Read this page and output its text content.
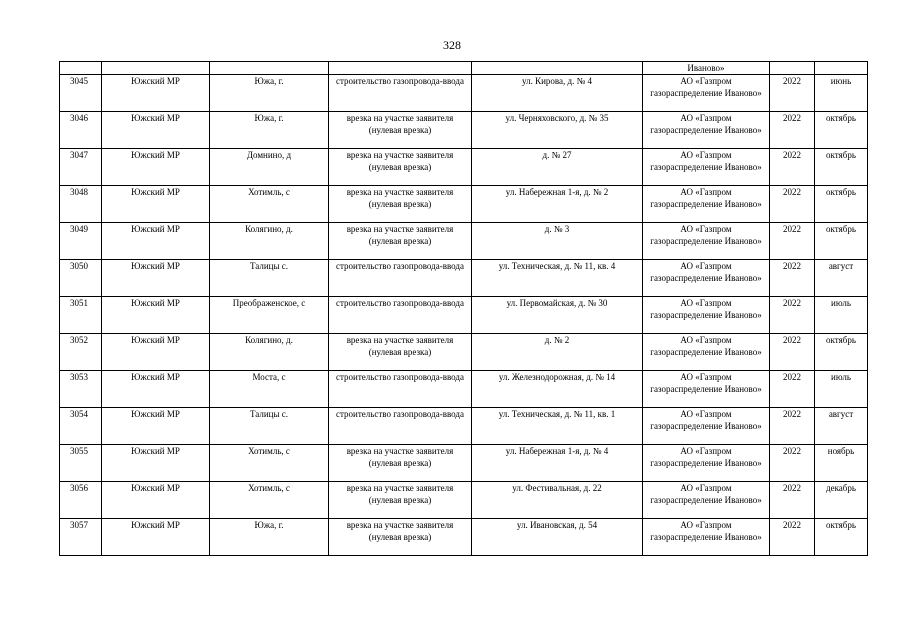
328
					Иваново»		
3045	Южский МР	Южа, г.	строительство газопровода-ввода	ул. Кирова, д. № 4	АО «Газпром газораспределение Иваново»	2022	июнь
3046	Южский МР	Южа, г.	врезка на участке заявителя (нулевая врезка)	ул. Черняховского, д. № 35	АО «Газпром газораспределение Иваново»	2022	октябрь
3047	Южский МР	Домнино, д	врезка на участке заявителя (нулевая врезка)	д. № 27	АО «Газпром газораспределение Иваново»	2022	октябрь
3048	Южский МР	Хотимль, с	врезка на участке заявителя (нулевая врезка)	ул. Набережная 1-я, д. № 2	АО «Газпром газораспределение Иваново»	2022	октябрь
3049	Южский МР	Колягино, д.	врезка на участке заявителя (нулевая врезка)	д. № 3	АО «Газпром газораспределение Иваново»	2022	октябрь
3050	Южский МР	Талицы с.	строительство газопровода-ввода	ул. Техническая, д. № 11, кв. 4	АО «Газпром газораспределение Иваново»	2022	август
3051	Южский МР	Преображенское, с	строительство газопровода-ввода	ул. Первомайская, д. № 30	АО «Газпром газораспределение Иваново»	2022	июль
3052	Южский МР	Колягино, д.	врезка на участке заявителя (нулевая врезка)	д. № 2	АО «Газпром газораспределение Иваново»	2022	октябрь
3053	Южский МР	Моста, с	строительство газопровода-ввода	ул. Железнодорожная, д. № 14	АО «Газпром газораспределение Иваново»	2022	июль
3054	Южский МР	Талицы с.	строительство газопровода-ввода	ул. Техническая, д. № 11, кв. 1	АО «Газпром газораспределение Иваново»	2022	август
3055	Южский МР	Хотимль, с	врезка на участке заявителя (нулевая врезка)	ул. Набережная 1-я, д. № 4	АО «Газпром газораспределение Иваново»	2022	ноябрь
3056	Южский МР	Хотимль, с	врезка на участке заявителя (нулевая врезка)	ул. Фестивальная, д. 22	АО «Газпром газораспределение Иваново»	2022	декабрь
3057	Южский МР	Южа, г.	врезка на участке заявителя (нулевая врезка)	ул. Ивановская, д. 54	АО «Газпром газораспределение Иваново»	2022	октябрь
